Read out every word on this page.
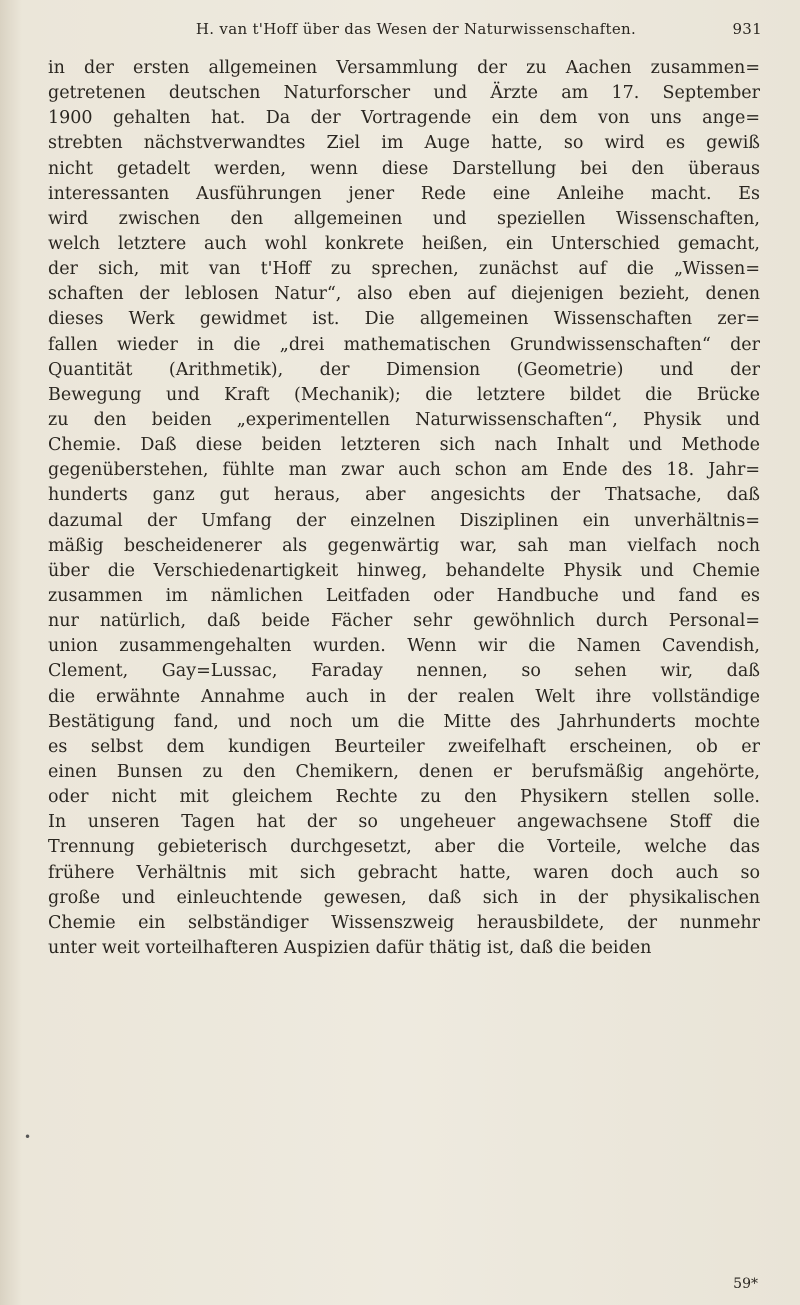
H. van t'Hoff über das Wesen der Naturwissenschaften.	931
•
in der ersten allgemeinen Versammlung der zu Aachen zusammen=
getretenen deutschen Naturforscher und Ärzte am 17. September
1900 gehalten hat. Da der Vortragende ein dem von uns ange=
strebten nächstverwandtes Ziel im Auge hatte, so wird es gewiß
nicht getadelt werden, wenn diese Darstellung bei den überaus
interessanten Ausführungen jener Rede eine Anleihe macht. Es
wird zwischen den allgemeinen und speziellen Wissenschaften,
welch letztere auch wohl konkrete heißen, ein Unterschied gemacht,
der sich, mit van t'Hoff zu sprechen, zunächst auf die „Wissen=
schaften der leblosen Natur“, also eben auf diejenigen bezieht, denen
dieses Werk gewidmet ist. Die allgemeinen Wissenschaften zer=
fallen wieder in die „drei mathematischen Grundwissenschaften“ der
Quantität (Arithmetik), der Dimension (Geometrie) und der
Bewegung und Kraft (Mechanik); die letztere bildet die Brücke
zu den beiden „experimentellen Naturwissenschaften“, Physik und
Chemie. Daß diese beiden letzteren sich nach Inhalt und Methode
gegenüberstehen, fühlte man zwar auch schon am Ende des 18. Jahr=
hunderts ganz gut heraus, aber angesichts der Thatsache, daß
dazumal der Umfang der einzelnen Disziplinen ein unverhältnis=
mäßig bescheidenerer als gegenwärtig war, sah man vielfach noch
über die Verschiedenartigkeit hinweg, behandelte Physik und Chemie
zusammen im nämlichen Leitfaden oder Handbuche und fand es
nur natürlich, daß beide Fächer sehr gewöhnlich durch Personal=
union zusammengehalten wurden. Wenn wir die Namen Cavendish,
Clement, Gay=Lussac, Faraday nennen, so sehen wir, daß
die erwähnte Annahme auch in der realen Welt ihre vollständige
Bestätigung fand, und noch um die Mitte des Jahrhunderts mochte
es selbst dem kundigen Beurteiler zweifelhaft erscheinen, ob er
einen Bunsen zu den Chemikern, denen er berufsmäßig angehörte,
oder nicht mit gleichem Rechte zu den Physikern stellen solle.
In unseren Tagen hat der so ungeheuer angewachsene Stoff die
Trennung gebieterisch durchgesetzt, aber die Vorteile, welche das
frühere Verhältnis mit sich gebracht hatte, waren doch auch so
große und einleuchtende gewesen, daß sich in der physikalischen
Chemie ein selbständiger Wissenszweig herausbildete, der nunmehr
unter weit vorteilhafteren Auspizien dafür thätig ist, daß die beiden
59*
